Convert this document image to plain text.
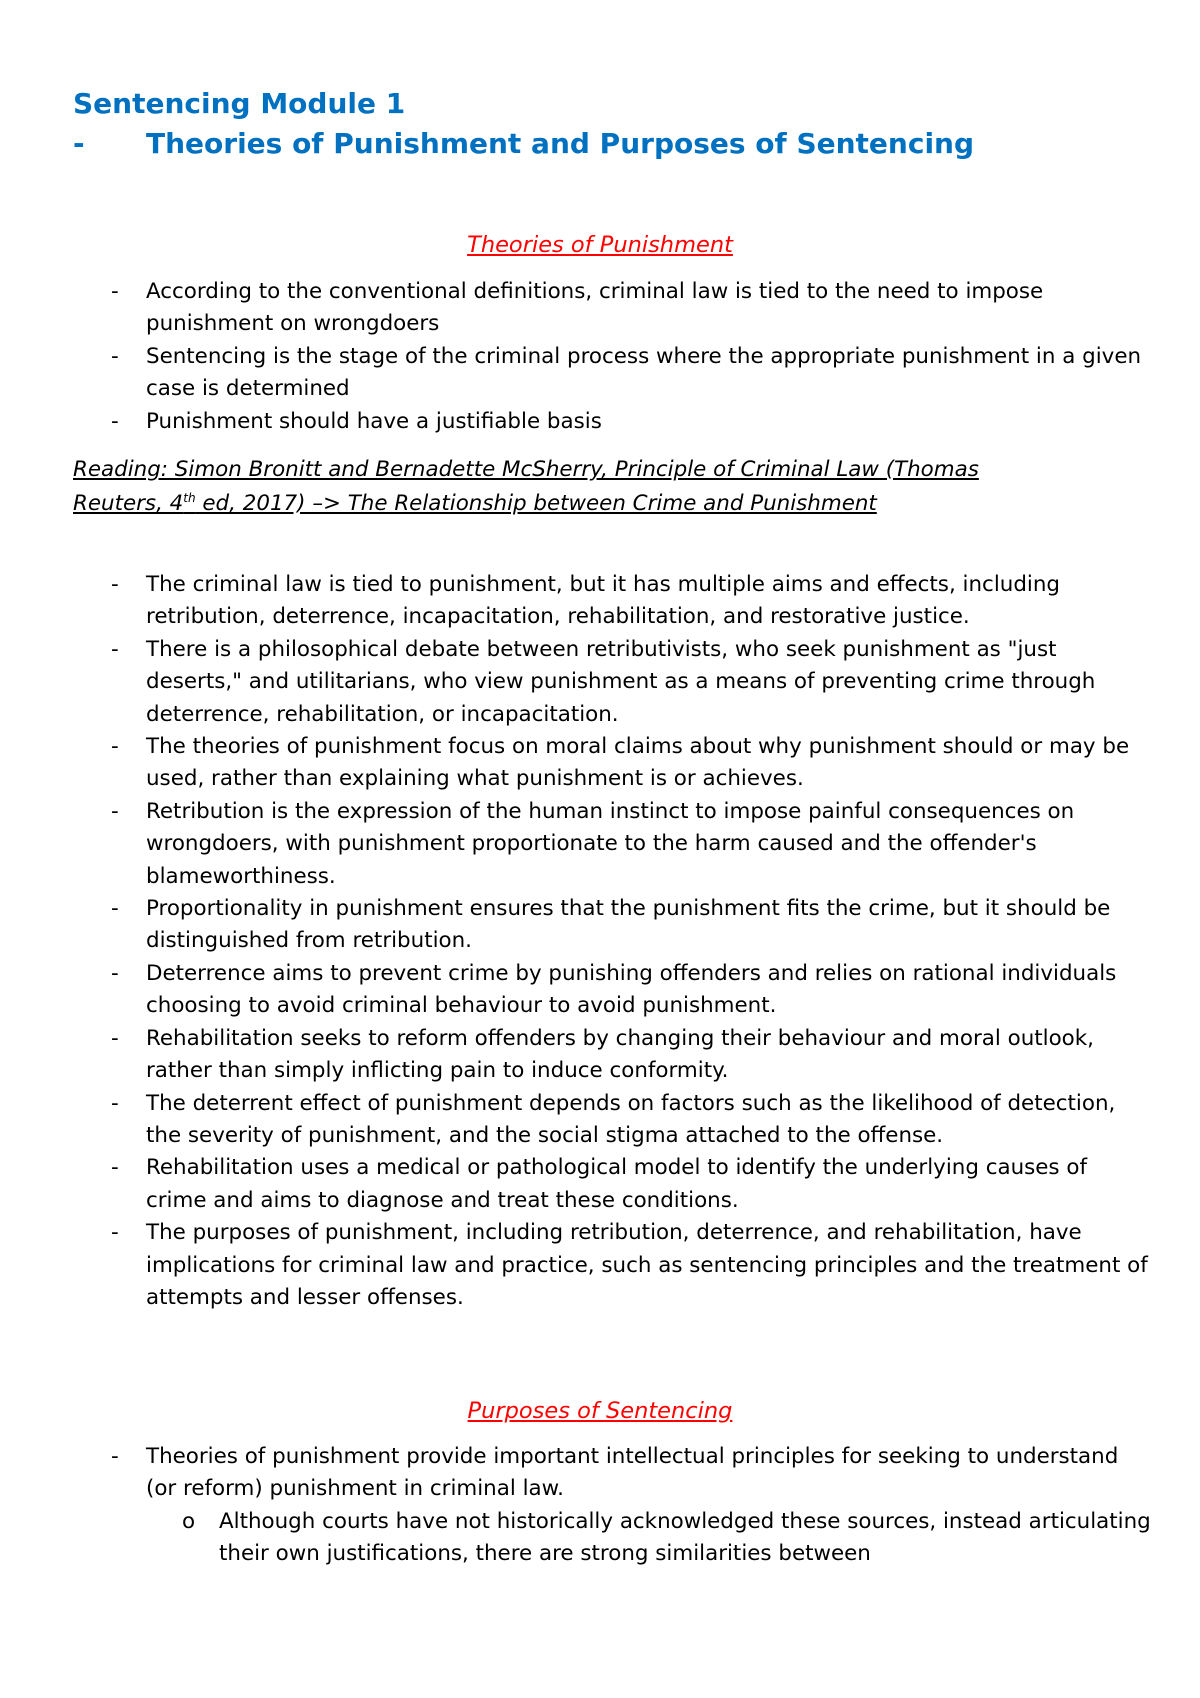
Sentencing Module 1
- Theories of Punishment and Purposes of Sentencing
Theories of Punishment
- According to the conventional definitions, criminal law is tied to the need to impose punishment on wrongdoers
- Sentencing is the stage of the criminal process where the appropriate punishment in a given case is determined
- Punishment should have a justifiable basis

Reading: Simon Bronitt and Bernadette McSherry, Principle of Criminal Law (Thomas Reuters, 4th ed, 2017) –> The Relationship between Crime and Punishment

- The criminal law is tied to punishment, but it has multiple aims and effects, including retribution, deterrence, incapacitation, rehabilitation, and restorative justice.
- There is a philosophical debate between retributivists, who seek punishment as "just deserts," and utilitarians, who view punishment as a means of preventing crime through deterrence, rehabilitation, or incapacitation.
- The theories of punishment focus on moral claims about why punishment should or may be used, rather than explaining what punishment is or achieves.
- Retribution is the expression of the human instinct to impose painful consequences on wrongdoers, with punishment proportionate to the harm caused and the offender's blameworthiness.
- Proportionality in punishment ensures that the punishment fits the crime, but it should be distinguished from retribution.
- Deterrence aims to prevent crime by punishing offenders and relies on rational individuals choosing to avoid criminal behaviour to avoid punishment.
- Rehabilitation seeks to reform offenders by changing their behaviour and moral outlook, rather than simply inflicting pain to induce conformity.
- The deterrent effect of punishment depends on factors such as the likelihood of detection, the severity of punishment, and the social stigma attached to the offense.
- Rehabilitation uses a medical or pathological model to identify the underlying causes of crime and aims to diagnose and treat these conditions.
- The purposes of punishment, including retribution, deterrence, and rehabilitation, have implications for criminal law and practice, such as sentencing principles and the treatment of attempts and lesser offenses.
Purposes of Sentencing
- Theories of punishment provide important intellectual principles for seeking to understand (or reform) punishment in criminal law.
o Although courts have not historically acknowledged these sources, instead articulating their own justifications, there are strong similarities between
